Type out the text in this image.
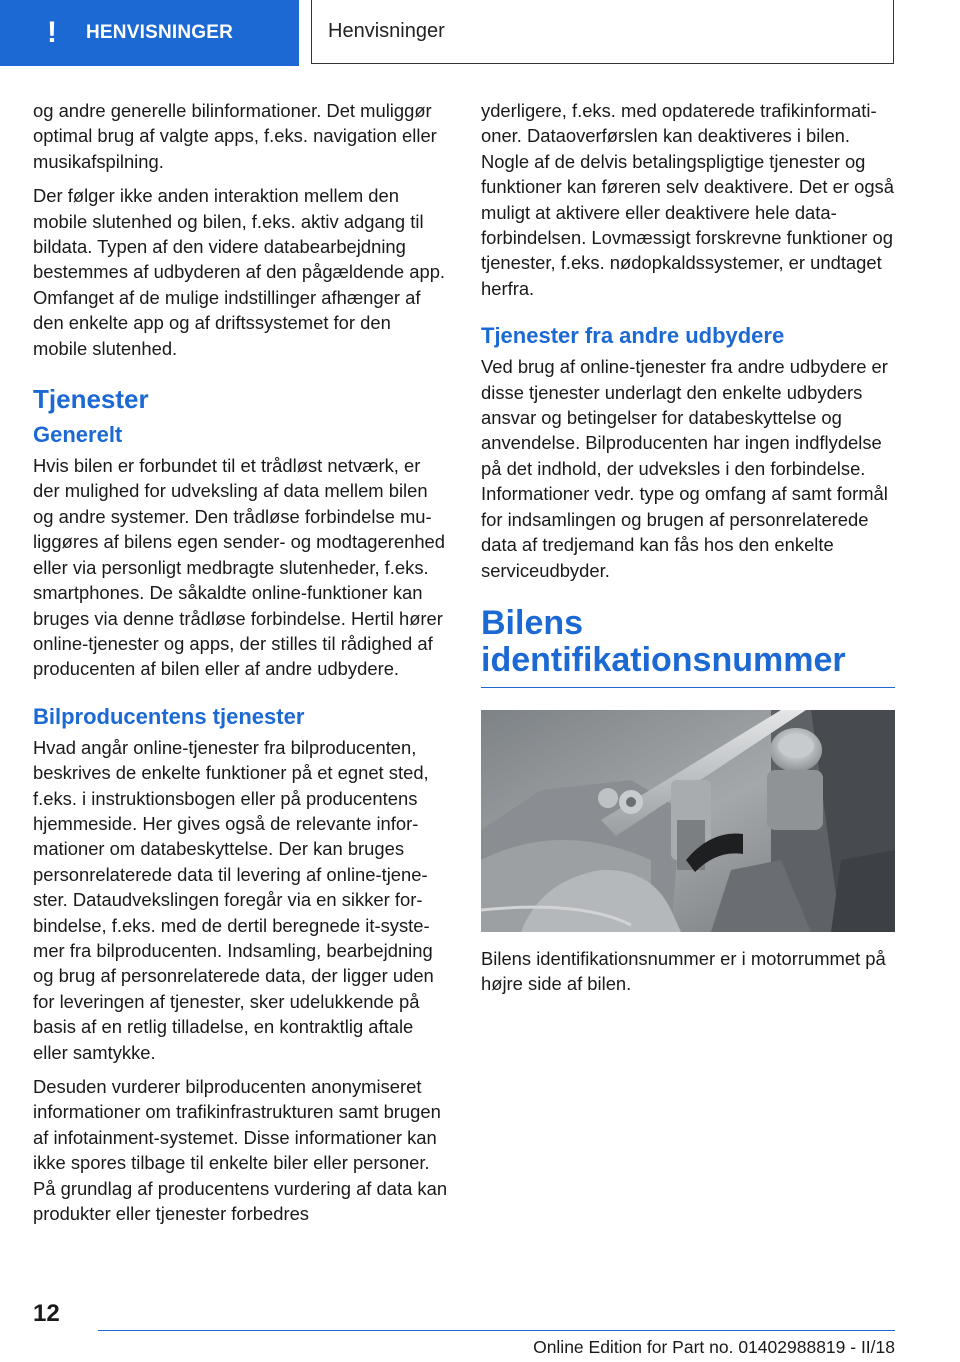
!	HENVISNINGER	Henvisninger

og andre generelle bilinformationer. Det muliggør optimal brug af valgte apps, f.eks. navigation eller musikafspilning.

Der følger ikke anden interaktion mellem den mobile slutenhed og bilen, f.eks. aktiv adgang til bildata. Typen af den videre databearbejdning bestemmes af udbyderen af den pågældende app. Omfanget af de mulige indstillinger afhænger af den enkelte app og af driftssystemet for den mobile slutenhed.

Tjenester
Generelt

Hvis bilen er forbundet til et trådløst netværk, er der mulighed for udveksling af data mellem bilen og andre systemer. Den trådløse forbindelse muliggøres af bilens egen sender- og modtagerenhed eller via personligt medbragte slutenheder, f.eks. smartphones. De såkaldte online-funktioner kan bruges via denne trådløse forbindelse. Hertil hører online-tjenester og apps, der stilles til rådighed af producenten af bilen eller af andre udbydere.

Bilproducentens tjenester

Hvad angår online-tjenester fra bilproducenten, beskrives de enkelte funktioner på et egnet sted, f.eks. i instruktionsbogen eller på producentens hjemmeside. Her gives også de relevante informationer om databeskyttelse. Der kan bruges personrelaterede data til levering af online-tjenester. Dataudvekslingen foregår via en sikker forbindelse, f.eks. med de dertil beregnede it-systemer fra bilproducenten. Indsamling, bearbejdning og brug af personrelaterede data, der ligger uden for leveringen af tjenester, sker udelukkende på basis af en retlig tilladelse, en kontraktlig aftale eller samtykke.

Desuden vurderer bilproducenten anonymiseret informationer om trafikinfrastrukturen samt brugen af infotainment-systemet. Disse informationer kan ikke spores tilbage til enkelte biler eller personer. På grundlag af producentens vurdering af data kan produkter eller tjenester forbedres

yderligere, f.eks. med opdaterede trafikinformationer. Dataoverførslen kan deaktiveres i bilen. Nogle af de delvis betalingspligtige tjenester og funktioner kan føreren selv deaktivere. Det er også muligt at aktivere eller deaktivere hele dataforbindelsen. Lovmæssigt forskrevne funktioner og tjenester, f.eks. nødopkaldssystemer, er undtaget herfra.

Tjenester fra andre udbydere

Ved brug af online-tjenester fra andre udbydere er disse tjenester underlagt den enkelte udbyders ansvar og betingelser for databeskyttelse og anvendelse. Bilproducenten har ingen indflydelse på det indhold, der udveksles i den forbindelse. Informationer vedr. type og omfang af samt formål for indsamlingen og brugen af personrelaterede data af tredjemand kan fås hos den enkelte serviceudbyder.

Bilens
identifikationsnummer

Bilens identifikationsnummer er i motorrummet på højre side af bilen.

12
Online Edition for Part no. 01402988819 - II/18
